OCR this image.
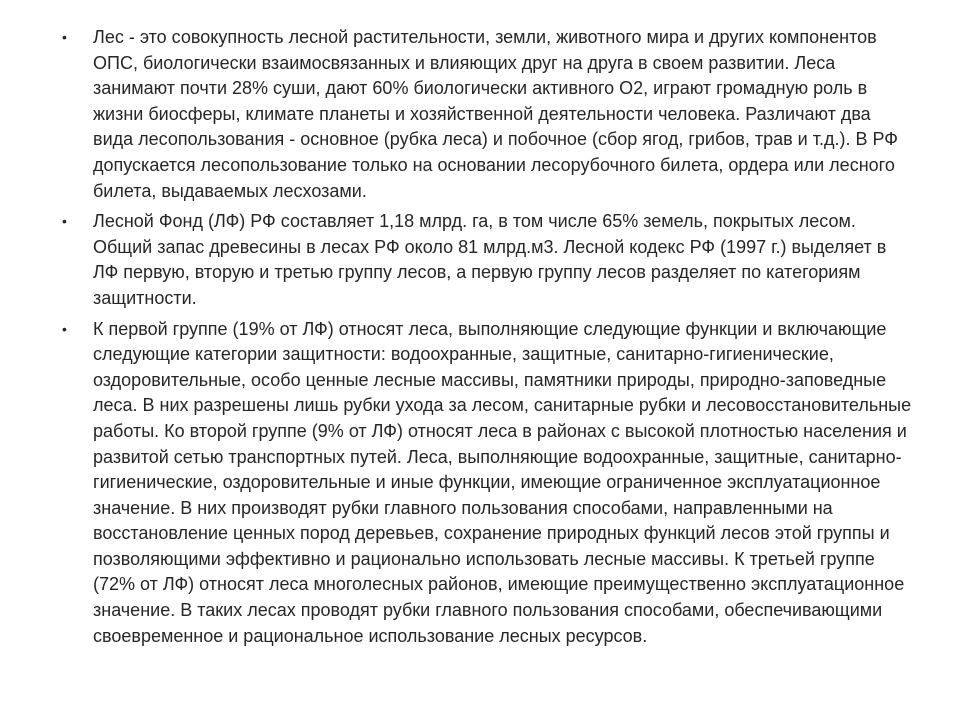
• Лес - это совокупность лесной растительности, земли, животного мира и других компонентов ОПС, биологически взаимосвязанных и влияющих друг на друга в своем развитии. Леса занимают почти 28% суши, дают 60% биологически активного О2, играют громадную роль в жизни биосферы, климате планеты и хозяйственной деятельности человека. Различают два вида лесопользования - основное (рубка леса) и побочное (сбор ягод, грибов, трав и т.д.). В РФ допускается лесопользование только на основании лесорубочного билета, ордера или лесного билета, выдаваемых лесхозами.
• Лесной Фонд (ЛФ) РФ составляет 1,18 млрд. га, в том числе 65% земель, покрытых лесом. Общий запас древесины в лесах РФ около 81 млрд.м3. Лесной кодекс РФ (1997 г.) выделяет в ЛФ первую, вторую и третью группу лесов, а первую группу лесов разделяет по категориям защитности.
• К первой группе (19% от ЛФ) относят леса, выполняющие следующие функции и включающие следующие категории защитности: водоохранные, защитные, санитарно-гигиенические, оздоровительные, особо ценные лесные массивы, памятники природы, природно-заповедные леса. В них разрешены лишь рубки ухода за лесом, санитарные рубки и лесовосстановительные работы. Ко второй группе (9% от ЛФ) относят леса в районах с высокой плотностью населения и развитой сетью транспортных путей. Леса, выполняющие водоохранные, защитные, санитарно-гигиенические, оздоровительные и иные функции, имеющие ограниченное эксплуатационное значение. В них производят рубки главного пользования способами, направленными на восстановление ценных пород деревьев, сохранение природных функций лесов этой группы и позволяющими эффективно и рационально использовать лесные массивы. К третьей группе (72% от ЛФ) относят леса многолесных районов, имеющие преимущественно эксплуатационное значение. В таких лесах проводят рубки главного пользования способами, обеспечивающими своевременное и рациональное использование лесных ресурсов.
